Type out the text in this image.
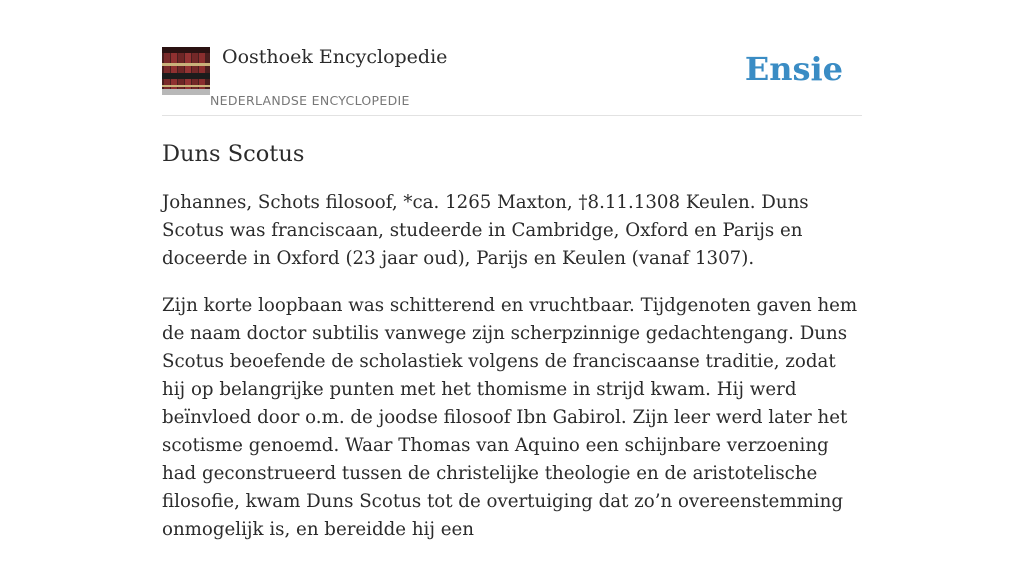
Oosthoek Encyclopedie
NEDERLANDSE ENCYCLOPEDIE
Ensie
Duns Scotus

Johannes, Schots filosoof, *ca. 1265 Maxton, †8.11.1308 Keulen. Duns Scotus was franciscaan, studeerde in Cambridge, Oxford en Parijs en doceerde in Oxford (23 jaar oud), Parijs en Keulen (vanaf 1307).

Zijn korte loopbaan was schitterend en vruchtbaar. Tijdgenoten gaven hem de naam doctor subtilis vanwege zijn scherpzinnige gedachtengang. Duns Scotus beoefende de scholastiek volgens de franciscaanse traditie, zodat hij op belangrijke punten met het thomisme in strijd kwam. Hij werd beïnvloed door o.m. de joodse filosoof Ibn Gabirol. Zijn leer werd later het scotisme genoemd. Waar Thomas van Aquino een schijnbare verzoening had geconstrueerd tussen de christelijke theologie en de aristotelische filosofie, kwam Duns Scotus tot de overtuiging dat zo’n overeenstemming onmogelijk is, en bereidde hij een
